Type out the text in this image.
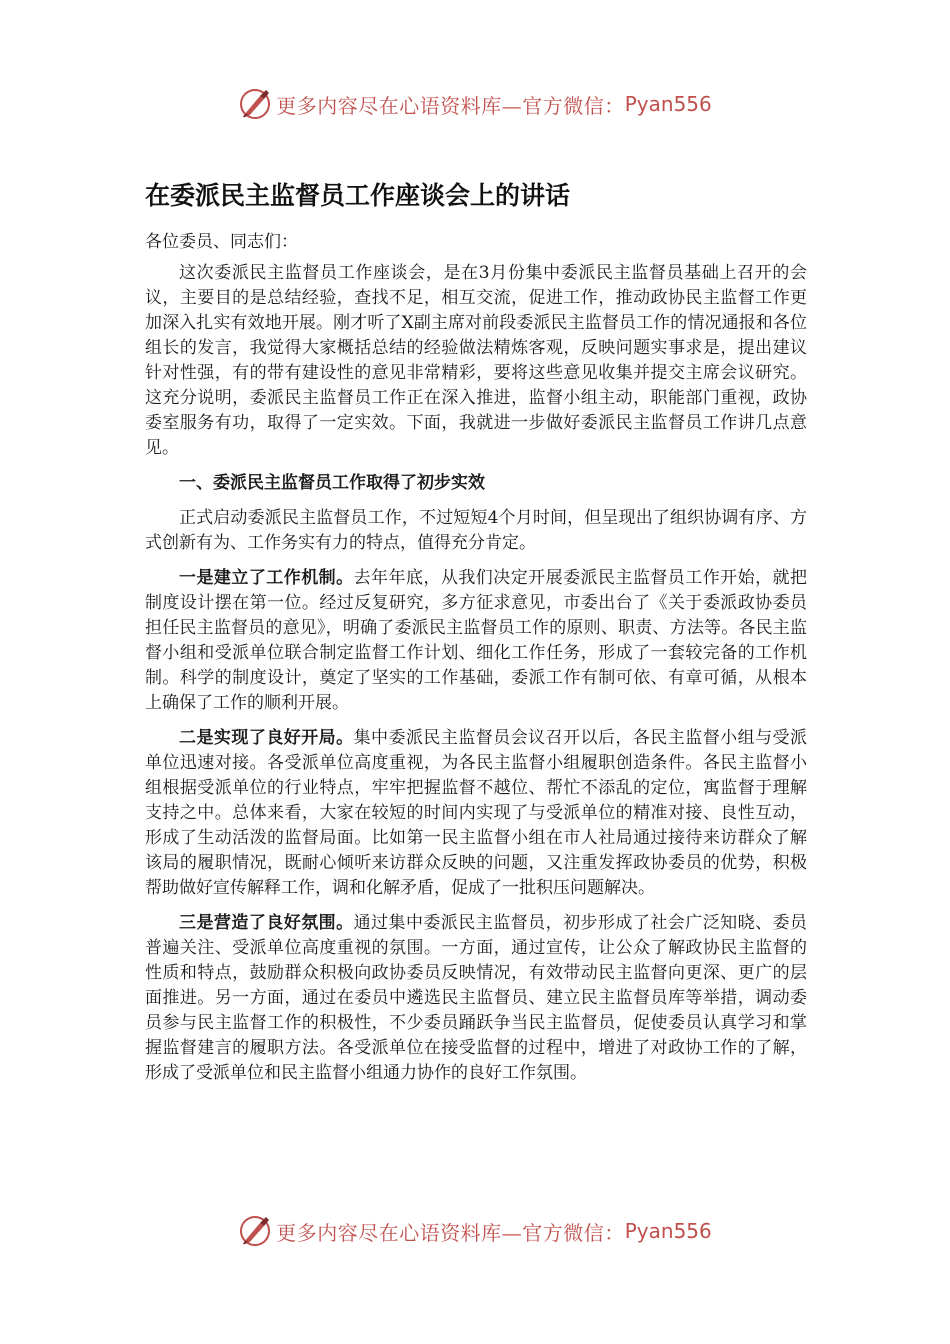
更多内容尽在心语资料库—官方微信： Pyan556
在委派民主监督员工作座谈会上的讲话

各位委员、同志们：

这次委派民主监督员工作座谈会，是在3月份集中委派民主监督员基础上召开的会议，主要目的是总结经验，查找不足，相互交流，促进工作，推动政协民主监督工作更加深入扎实有效地开展。刚才听了X副主席对前段委派民主监督员工作的情况通报和各位组长的发言，我觉得大家概括总结的经验做法精炼客观，反映问题实事求是，提出建议针对性强，有的带有建设性的意见非常精彩，要将这些意见收集并提交主席会议研究。这充分说明，委派民主监督员工作正在深入推进，监督小组主动，职能部门重视，政协委室服务有功，取得了一定实效。下面，我就进一步做好委派民主监督员工作讲几点意见。

一、委派民主监督员工作取得了初步实效

正式启动委派民主监督员工作，不过短短4个月时间，但呈现出了组织协调有序、方式创新有为、工作务实有力的特点，值得充分肯定。

一是建立了工作机制。去年年底，从我们决定开展委派民主监督员工作开始，就把制度设计摆在第一位。经过反复研究，多方征求意见，市委出台了《关于委派政协委员担任民主监督员的意见》，明确了委派民主监督员工作的原则、职责、方法等。各民主监督小组和受派单位联合制定监督工作计划、细化工作任务，形成了一套较完备的工作机制。科学的制度设计，奠定了坚实的工作基础，委派工作有制可依、有章可循，从根本上确保了工作的顺利开展。

二是实现了良好开局。集中委派民主监督员会议召开以后，各民主监督小组与受派单位迅速对接。各受派单位高度重视，为各民主监督小组履职创造条件。各民主监督小组根据受派单位的行业特点，牢牢把握监督不越位、帮忙不添乱的定位，寓监督于理解支持之中。总体来看，大家在较短的时间内实现了与受派单位的精准对接、良性互动，形成了生动活泼的监督局面。比如第一民主监督小组在市人社局通过接待来访群众了解该局的履职情况，既耐心倾听来访群众反映的问题，又注重发挥政协委员的优势，积极帮助做好宣传解释工作，调和化解矛盾，促成了一批积压问题解决。

三是营造了良好氛围。通过集中委派民主监督员，初步形成了社会广泛知晓、委员普遍关注、受派单位高度重视的氛围。一方面，通过宣传，让公众了解政协民主监督的性质和特点，鼓励群众积极向政协委员反映情况，有效带动民主监督向更深、更广的层面推进。另一方面，通过在委员中遴选民主监督员、建立民主监督员库等举措，调动委员参与民主监督工作的积极性，不少委员踊跃争当民主监督员，促使委员认真学习和掌握监督建言的履职方法。各受派单位在接受监督的过程中，增进了对政协工作的了解，形成了受派单位和民主监督小组通力协作的良好工作氛围。

更多内容尽在心语资料库—官方微信： Pyan556
